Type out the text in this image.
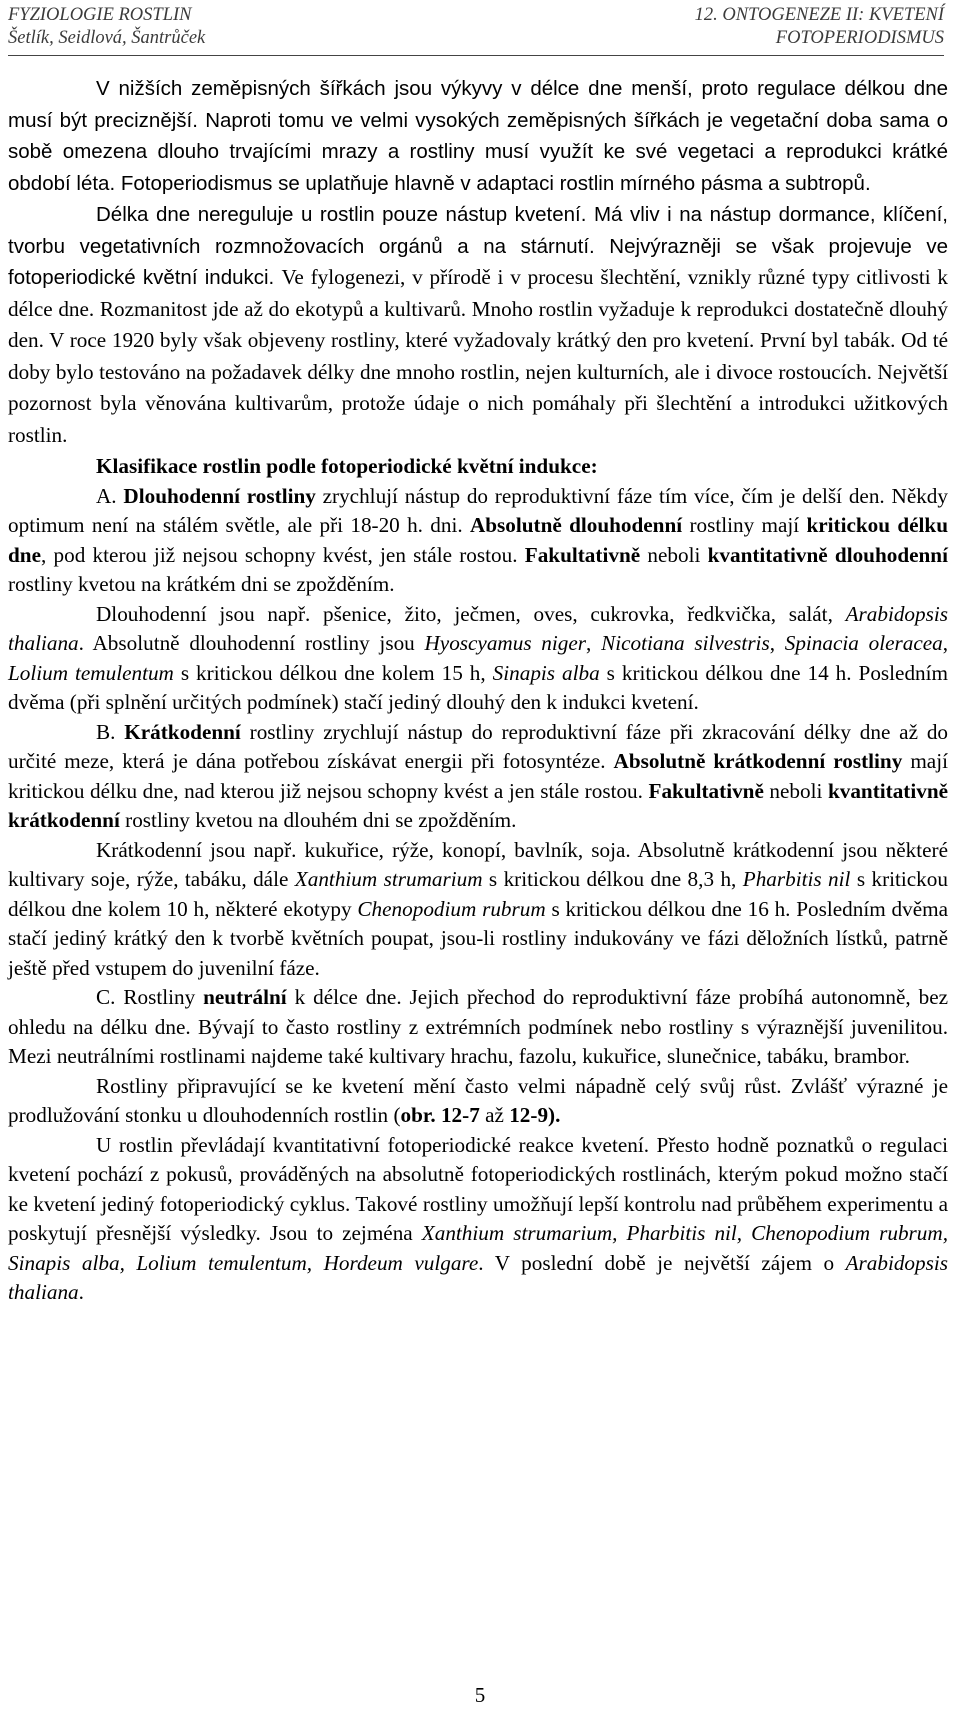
FYZIOLOGIE ROSTLIN
Šetlík, Seidlová, Šantrůček
12. ONTOGENEZE II: KVETENÍ
FOTOPERIODISMUS

V nižších zeměpisných šířkách jsou výkyvy v délce dne menší, proto regulace délkou dne musí být preciznější. Naproti tomu ve velmi vysokých zeměpisných šířkách je vegetační doba sama o sobě omezena dlouho trvajícími mrazy a rostliny musí využít ke své vegetaci a reprodukci krátké období léta. Fotoperiodismus se uplatňuje hlavně v adaptaci rostlin mírného pásma a subtropů.

Délka dne nereguluje u rostlin pouze nástup kvetení. Má vliv i na nástup dormance, klíčení, tvorbu vegetativních rozmnožovacích orgánů a na stárnutí. Nejvýrazněji se však projevuje ve fotoperiodické květní indukci. Ve fylogenezi, v přírodě i v procesu šlechtění, vznikly různé typy citlivosti k délce dne. Rozmanitost jde až do ekotypů a kultivarů. Mnoho rostlin vyžaduje k reprodukci dostatečně dlouhý den. V roce 1920 byly však objeveny rostliny, které vyžadovaly krátký den pro kvetení. První byl tabák. Od té doby bylo testováno na požadavek délky dne mnoho rostlin, nejen kulturních, ale i divoce rostoucích. Největší pozornost byla věnována kultivarům, protože údaje o nich pomáhaly při šlechtění a introdukci užitkových rostlin.

Klasifikace rostlin podle fotoperiodické květní indukce:

A. Dlouhodenní rostliny zrychlují nástup do reproduktivní fáze tím více, čím je delší den. Někdy optimum není na stálém světle, ale při 18-20 h. dni. Absolutně dlouhodenní rostliny mají kritickou délku dne, pod kterou již nejsou schopny kvést, jen stále rostou. Fakultativně neboli kvantitativně dlouhodenní rostliny kvetou na krátkém dni se zpožděním.

Dlouhodenní jsou např. pšenice, žito, ječmen, oves, cukrovka, ředkvička, salát, Arabidopsis thaliana. Absolutně dlouhodenní rostliny jsou Hyoscyamus niger, Nicotiana silvestris, Spinacia oleracea, Lolium temulentum s kritickou délkou dne kolem 15 h, Sinapis alba s kritickou délkou dne 14 h. Posledním dvěma (při splnění určitých podmínek) stačí jediný dlouhý den k indukci kvetení.

B. Krátkodenní rostliny zrychlují nástup do reproduktivní fáze při zkracování délky dne až do určité meze, která je dána potřebou získávat energii při fotosyntéze. Absolutně krátkodenní rostliny mají kritickou délku dne, nad kterou již nejsou schopny kvést a jen stále rostou. Fakultativně neboli kvantitativně krátkodenní rostliny kvetou na dlouhém dni se zpožděním.

Krátkodenní jsou např. kukuřice, rýže, konopí, bavlník, soja. Absolutně krátkodenní jsou některé kultivary soje, rýže, tabáku, dále Xanthium strumarium s kritickou délkou dne 8,3 h, Pharbitis nil s kritickou délkou dne kolem 10 h, některé ekotypy Chenopodium rubrum s kritickou délkou dne 16 h. Posledním dvěma stačí jediný krátký den k tvorbě květních poupat, jsou-li rostliny indukovány ve fázi děložních lístků, patrně ještě před vstupem do juvenilní fáze.

C. Rostliny neutrální k délce dne. Jejich přechod do reproduktivní fáze probíhá autonomně, bez ohledu na délku dne. Bývají to často rostliny z extrémních podmínek nebo rostliny s výraznější juvenilitou. Mezi neutrálními rostlinami najdeme také kultivary hrachu, fazolu, kukuřice, slunečnice, tabáku, brambor.

Rostliny připravující se ke kvetení mění často velmi nápadně celý svůj růst. Zvlášť výrazné je prodlužování stonku u dlouhodenních rostlin (obr. 12-7 až 12-9).

U rostlin převládají kvantitativní fotoperiodické reakce kvetení. Přesto hodně poznatků o regulaci kvetení pochází z pokusů, prováděných na absolutně fotoperiodických rostlinách, kterým pokud možno stačí ke kvetení jediný fotoperiodický cyklus. Takové rostliny umožňují lepší kontrolu nad průběhem experimentu a poskytují přesnější výsledky. Jsou to zejména Xanthium strumarium, Pharbitis nil, Chenopodium rubrum, Sinapis alba, Lolium temulentum, Hordeum vulgare. V poslední době je největší zájem o Arabidopsis thaliana.

5
